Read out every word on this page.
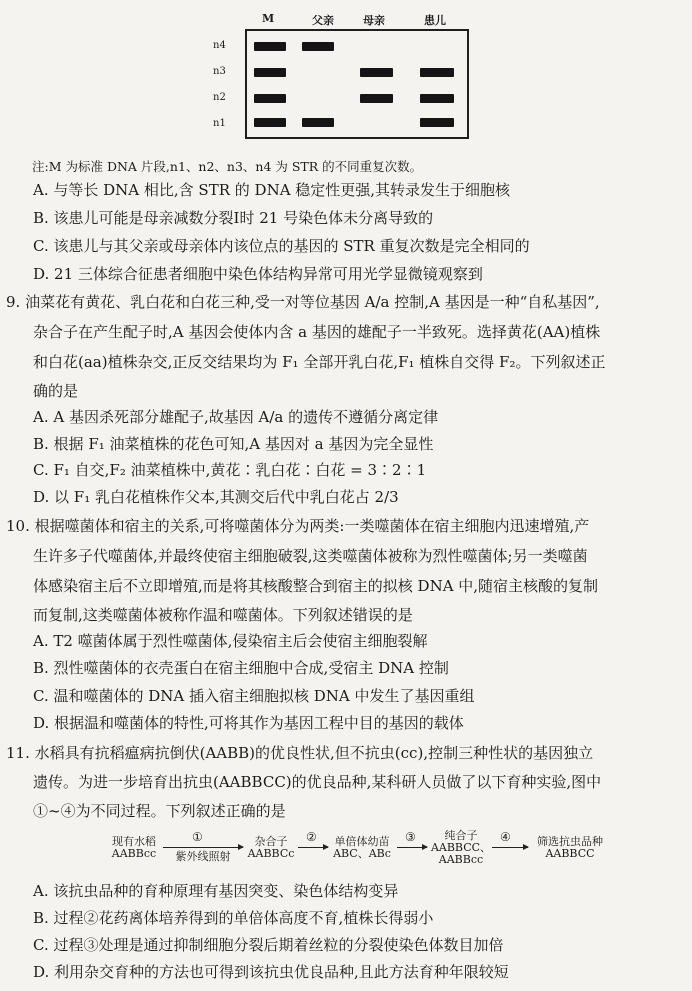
M	父亲	母亲	患儿
n4
n3
n2
n1
注:M 为标准 DNA 片段,n1、n2、n3、n4 为 STR 的不同重复次数。
A. 与等长 DNA 相比,含 STR 的 DNA 稳定性更强,其转录发生于细胞核
B. 该患儿可能是母亲减数分裂Ⅰ时 21 号染色体未分离导致的
C. 该患儿与其父亲或母亲体内该位点的基因的 STR 重复次数是完全相同的
D. 21 三体综合征患者细胞中染色体结构异常可用光学显微镜观察到
9. 油菜花有黄花、乳白花和白花三种,受一对等位基因 A/a 控制,A 基因是一种“自私基因”,
杂合子在产生配子时,A 基因会使体内含 a 基因的雄配子一半致死。选择黄花(AA)植株
和白花(aa)植株杂交,正反交结果均为 F₁ 全部开乳白花,F₁ 植株自交得 F₂。下列叙述正
确的是
A. A 基因杀死部分雄配子,故基因 A/a 的遗传不遵循分离定律
B. 根据 F₁ 油菜植株的花色可知,A 基因对 a 基因为完全显性
C. F₁ 自交,F₂ 油菜植株中,黄花∶乳白花∶白花 = 3∶2∶1
D. 以 F₁ 乳白花植株作父本,其测交后代中乳白花占 2/3
10. 根据噬菌体和宿主的关系,可将噬菌体分为两类:一类噬菌体在宿主细胞内迅速增殖,产
生许多子代噬菌体,并最终使宿主细胞破裂,这类噬菌体被称为烈性噬菌体;另一类噬菌
体感染宿主后不立即增殖,而是将其核酸整合到宿主的拟核 DNA 中,随宿主核酸的复制
而复制,这类噬菌体被称作温和噬菌体。下列叙述错误的是
A. T2 噬菌体属于烈性噬菌体,侵染宿主后会使宿主细胞裂解
B. 烈性噬菌体的衣壳蛋白在宿主细胞中合成,受宿主 DNA 控制
C. 温和噬菌体的 DNA 插入宿主细胞拟核 DNA 中发生了基因重组
D. 根据温和噬菌体的特性,可将其作为基因工程中目的基因的载体
11. 水稻具有抗稻瘟病抗倒伏(AABB)的优良性状,但不抗虫(cc),控制三种性状的基因独立
遗传。为进一步培育出抗虫(AABBCC)的优良品种,某科研人员做了以下育种实验,图中
①~④为不同过程。下列叙述正确的是
现有水稻
AABBcc
①
紫外线照射
杂合子
AABBCc
②	单倍体幼苗
ABC、ABc
③	纯合子
AABBCC、
AABBcc
④	筛选抗虫品种
AABBCC
A. 该抗虫品种的育种原理有基因突变、染色体结构变异
B. 过程②花药离体培养得到的单倍体高度不育,植株长得弱小
C. 过程③处理是通过抑制细胞分裂后期着丝粒的分裂使染色体数目加倍
D. 利用杂交育种的方法也可得到该抗虫优良品种,且此方法育种年限较短
